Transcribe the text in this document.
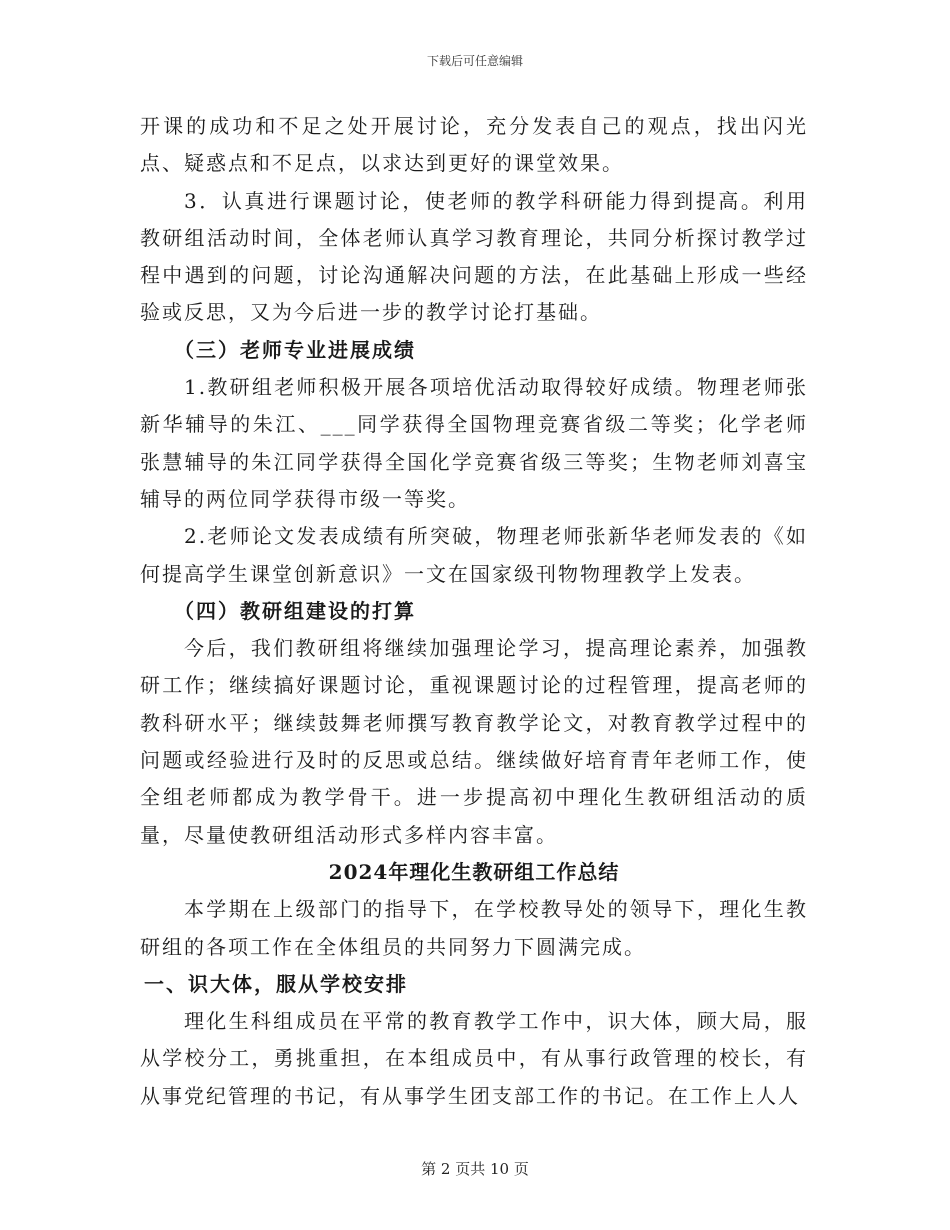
下载后可任意编辑

开课的成功和不足之处开展讨论，充分发表自己的观点，找出闪光点、疑惑点和不足点，以求达到更好的课堂效果。

3．认真进行课题讨论，使老师的教学科研能力得到提高。利用教研组活动时间，全体老师认真学习教育理论，共同分析探讨教学过程中遇到的问题，讨论沟通解决问题的方法，在此基础上形成一些经验或反思，又为今后进一步的教学讨论打基础。

（三）老师专业进展成绩

1.教研组老师积极开展各项培优活动取得较好成绩。物理老师张新华辅导的朱江、___同学获得全国物理竞赛省级二等奖；化学老师张慧辅导的朱江同学获得全国化学竞赛省级三等奖；生物老师刘喜宝辅导的两位同学获得市级一等奖。

2.老师论文发表成绩有所突破，物理老师张新华老师发表的《如何提高学生课堂创新意识》一文在国家级刊物物理教学上发表。

（四）教研组建设的打算

今后，我们教研组将继续加强理论学习，提高理论素养，加强教研工作；继续搞好课题讨论，重视课题讨论的过程管理，提高老师的教科研水平；继续鼓舞老师撰写教育教学论文，对教育教学过程中的问题或经验进行及时的反思或总结。继续做好培育青年老师工作，使全组老师都成为教学骨干。进一步提高初中理化生教研组活动的质量，尽量使教研组活动形式多样内容丰富。

2024年理化生教研组工作总结

本学期在上级部门的指导下，在学校教导处的领导下，理化生教研组的各项工作在全体组员的共同努力下圆满完成。

一、识大体，服从学校安排

理化生科组成员在平常的教育教学工作中，识大体，顾大局，服从学校分工，勇挑重担，在本组成员中，有从事行政管理的校长，有从事党纪管理的书记，有从事学生团支部工作的书记。在工作上人人

第 2 页共 10 页
